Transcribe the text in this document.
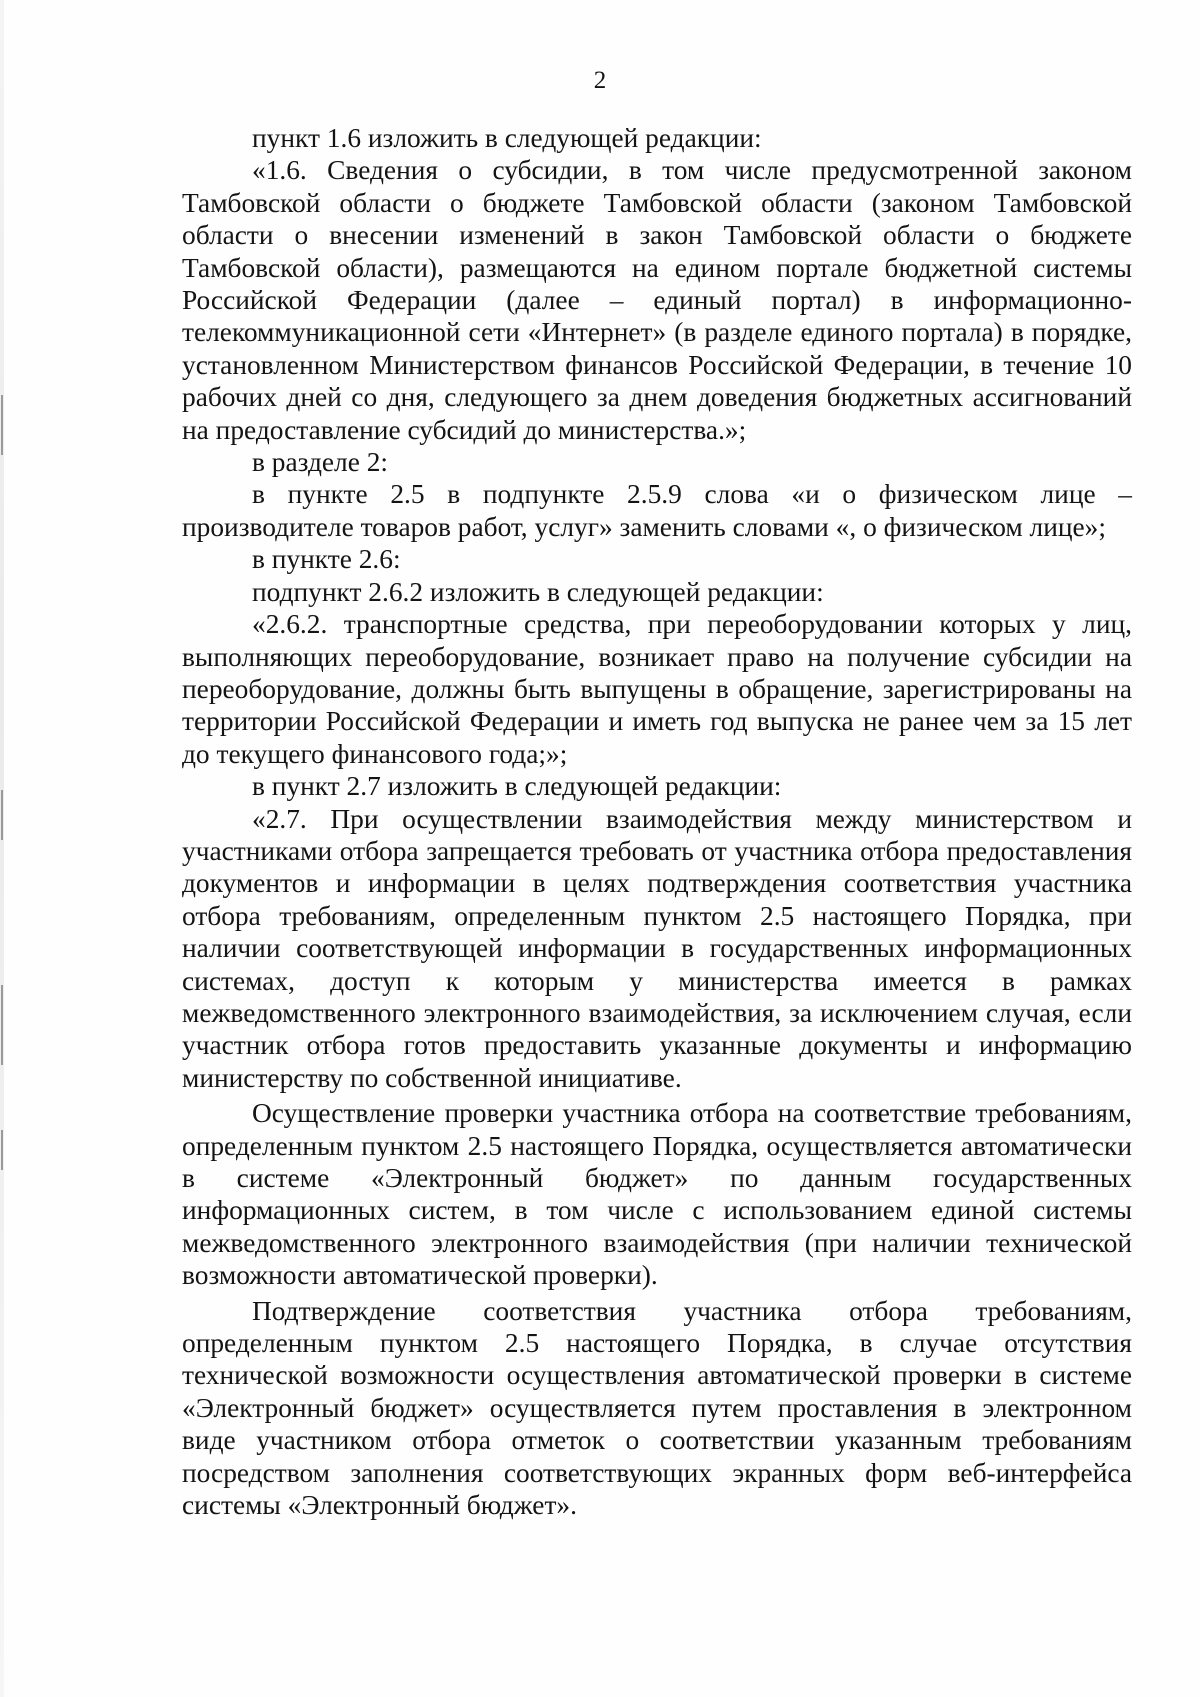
2

пункт 1.6 изложить в следующей редакции:

«1.6. Сведения о субсидии, в том числе предусмотренной законом Тамбовской области о бюджете Тамбовской области (законом Тамбовской области о внесении изменений в закон Тамбовской области о бюджете Тамбовской области), размещаются на едином портале бюджетной системы Российской Федерации (далее – единый портал) в информационно-телекоммуникационной сети «Интернет» (в разделе единого портала) в порядке, установленном Министерством финансов Российской Федерации, в течение 10 рабочих дней со дня, следующего за днем доведения бюджетных ассигнований на предоставление субсидий до министерства.»;

в разделе 2:

в пункте 2.5 в подпункте 2.5.9 слова «и о физическом лице – производителе товаров работ, услуг» заменить словами «, о физическом лице»;

в пункте 2.6:

подпункт 2.6.2 изложить в следующей редакции:

«2.6.2. транспортные средства, при переоборудовании которых у лиц, выполняющих переоборудование, возникает право на получение субсидии на переоборудование, должны быть выпущены в обращение, зарегистрированы на территории Российской Федерации и иметь год выпуска не ранее чем за 15 лет до текущего финансового года;»;

в пункт 2.7 изложить в следующей редакции:

«2.7. При осуществлении взаимодействия между министерством и участниками отбора запрещается требовать от участника отбора предоставления документов и информации в целях подтверждения соответствия участника отбора требованиям, определенным пунктом 2.5 настоящего Порядка, при наличии соответствующей информации в государственных информационных системах, доступ к которым у министерства имеется в рамках межведомственного электронного взаимодействия, за исключением случая, если участник отбора готов предоставить указанные документы и информацию министерству по собственной инициативе.

Осуществление проверки участника отбора на соответствие требованиям, определенным пунктом 2.5 настоящего Порядка, осуществляется автоматически в системе «Электронный бюджет» по данным государственных информационных систем, в том числе с использованием единой системы межведомственного электронного взаимодействия (при наличии технической возможности автоматической проверки).

Подтверждение соответствия участника отбора требованиям, определенным пунктом 2.5 настоящего Порядка, в случае отсутствия технической возможности осуществления автоматической проверки в системе «Электронный бюджет» осуществляется путем проставления в электронном виде участником отбора отметок о соответствии указанным требованиям посредством заполнения соответствующих экранных форм веб-интерфейса системы «Электронный бюджет».
